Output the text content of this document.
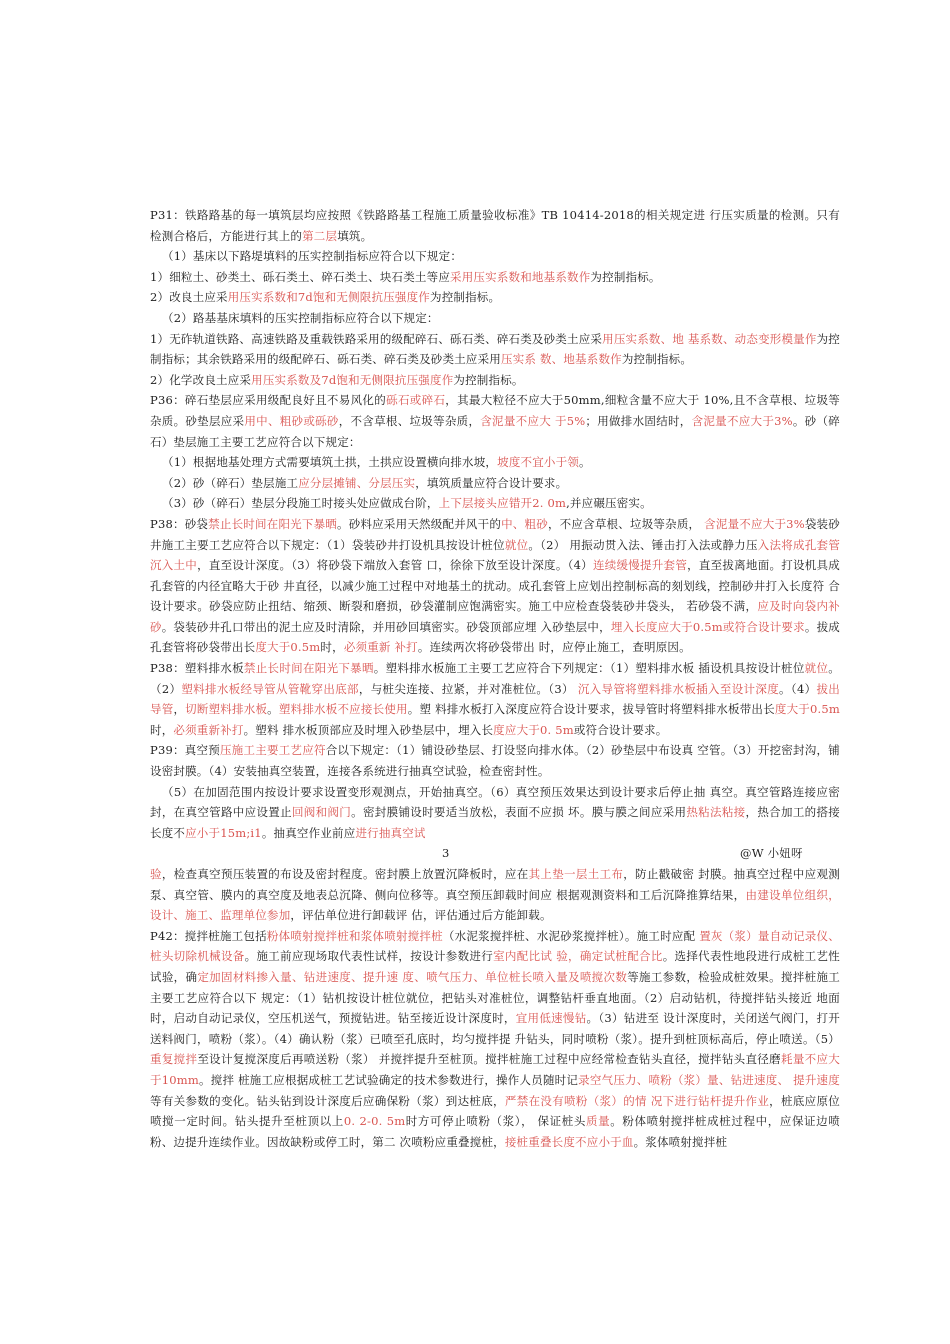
P31：铁路路基的每一填筑层均应按照《铁路路基工程施工质量验收标准》TB 10414-2018的相关规定进 行压实质量的检测。只有检测合格后，方能进行其上的第二层填筑。

（1）基床以下路堤填料的压实控制指标应符合以下规定：

1）细粒土、砂类土、砾石类土、碎石类土、块石类土等应采用压实系数和地基系数作为控制指标。

2）改良土应采用压实系数和7d饱和无侧限抗压强度作为控制指标。

（2）路基基床填料的压实控制指标应符合以下规定：

1）无砟轨道铁路、高速铁路及重载铁路采用的级配碎石、砾石类、碎石类及砂类土应采用压实系数、地 基系数、动态变形模量作为控制指标；其余铁路采用的级配碎石、砾石类、碎石类及砂类土应采用压实系 数、地基系数作为控制指标。

2）化学改良土应采用压实系数及7d饱和无侧限抗压强度作为控制指标。

P36：碎石垫层应采用级配良好且不易风化的砾石或碎石，其最大粒径不应大于50mm,细粒含量不应大于 10%,且不含草根、垃圾等杂质。砂垫层应采用中、粗砂或砾砂，不含草根、垃圾等杂质，含泥量不应大 于5%；用做排水固结时，含泥量不应大于3%。砂（碎石）垫层施工主要工艺应符合以下规定：

（1）根据地基处理方式需要填筑土拱，土拱应设置横向排水坡，坡度不宜小于领。

（2）砂（碎石）垫层施工应分层摊铺、分层压实，填筑质量应符合设计要求。

（3）砂（碎石）垫层分段施工时接头处应做成台阶，上下层接头应错开2. 0m,并应碾压密实。

P38：砂袋禁止长时间在阳光下暴晒。砂料应采用天然级配并风干的中、粗砂，不应含草根、垃圾等杂质， 含泥量不应大于3%袋装砂井施工主要工艺应符合以下规定：（1）袋装砂井打设机具按设计桩位就位。（2） 用振动贯入法、锤击打入法或静力压入法将成孔套管沉入土中，直至设计深度。（3）将砂袋下端放入套管 口，徐徐下放至设计深度。（4）连续缓慢提升套管，直至拔离地面。打设机具成孔套管的内径宜略大于砂 井直径，以减少施工过程中对地基土的扰动。成孔套管上应划出控制标高的刻划线，控制砂井打入长度符 合设计要求。砂袋应防止扭结、缩颈、断裂和磨损，砂袋灌制应饱满密实。施工中应检查袋装砂井袋头， 若砂袋不满，应及时向袋内补砂。袋装砂井孔口带出的泥土应及时清除，并用砂回填密实。砂袋顶部应埋 入砂垫层中，埋入长度应大于0.5m或符合设计要求。拔成孔套管将砂袋带出长度大于0.5m时，必须重新 补打。连续两次将砂袋带出 时，应停止施工，查明原因。

P38：塑料排水板禁止长时间在阳光下暴晒。塑料排水板施工主要工艺应符合下列规定：（1）塑料排水板 插设机具按设计桩位就位。（2）塑料排水板经导管从管靴穿出底部，与桩尖连接、拉紧，并对准桩位。（3） 沉入导管将塑料排水板插入至设计深度。（4）拔出导管，切断塑料排水板。塑料排水板不应接长使用。塑 料排水板打入深度应符合设计要求，拔导管时将塑料排水板带出长度大于0.5m时，必须重新补打。塑料 排水板顶部应及时埋入砂垫层中，埋入长度应大于0. 5m或符合设计要求。

P39：真空预压施工主要工艺应符合以下规定：（1）铺设砂垫层、打设竖向排水体。（2）砂垫层中布设真 空管。（3）开挖密封沟，铺设密封膜。（4）安装抽真空装置，连接各系统进行抽真空试验，检查密封性。

（5）在加固范围内按设计要求设置变形观测点，开始抽真空。（6）真空预压效果达到设计要求后停止抽 真空。真空管路连接应密封，在真空管路中应设置止回阀和阀门。密封膜铺设时要适当放松，表面不应损 坏。膜与膜之间应采用热粘法粘接，热合加工的搭接长度不应小于15m;i1。抽真空作业前应进行抽真空试

3	@W 小妞呀

验，检查真空预压装置的布设及密封程度。密封膜上放置沉降板时，应在其上垫一层土工布，防止戳破密 封膜。抽真空过程中应观测泵、真空管、膜内的真空度及地表总沉降、侧向位移等。真空预压卸载时间应 根据观测资料和工后沉降推算结果，由建设单位组织，设计、施工、监理单位参加，评估单位进行卸载评 估，评估通过后方能卸载。

P42：搅拌桩施工包括粉体喷射搅拌桩和浆体喷射搅拌桩（水泥浆搅拌桩、水泥砂浆搅拌桩）。施工时应配 置灰（浆）量自动记录仪、桩头切除机械设备。施工前应现场取代表性试样，按设计参数进行室内配比试 验，确定试桩配合比。选择代表性地段进行成桩工艺性试验，确定加固材料掺入量、钻进速度、提升速 度、喷气压力、单位桩长喷入量及喷搅次数等施工参数，检验成桩效果。搅拌桩施工主要工艺应符合以下 规定：（1）钻机按设计桩位就位，把钻头对准桩位，调整钻杆垂直地面。（2）启动钻机，待搅拌钻头接近 地面时，启动自动记录仪，空压机送气，预搅钻进。钻至接近设计深度时，宜用低速慢钻。（3）钻进至 设计深度时，关闭送气阀门，打开送料阀门，喷粉（浆）。（4）确认粉（浆）已喷至孔底时，均匀搅拌提 升钻头，同时喷粉（浆）。提升到桩顶标高后，停止喷送。（5）重复搅拌至设计复搅深度后再喷送粉（浆） 并搅拌提升至桩顶。搅拌桩施工过程中应经常检查钻头直径，搅拌钻头直径磨耗量不应大于10mm。搅拌 桩施工应根据成桩工艺试验确定的技术参数进行，操作人员随时记录空气压力、喷粉（浆）量、钻进速度、 提升速度等有关参数的变化。钻头钻到设计深度后应确保粉（浆）到达桩底，严禁在没有喷粉（浆）的情 况下进行钻杆提升作业，桩底应原位喷搅一定时间。钻头提升至桩顶以上0. 2-0. 5m时方可停止喷粉（浆）， 保证桩头质量。粉体喷射搅拌桩成桩过程中，应保证边喷粉、边提升连续作业。因故缺粉或停工时，第二 次喷粉应重叠搅桩，接桩重叠长度不应小于血。浆体喷射搅拌桩
